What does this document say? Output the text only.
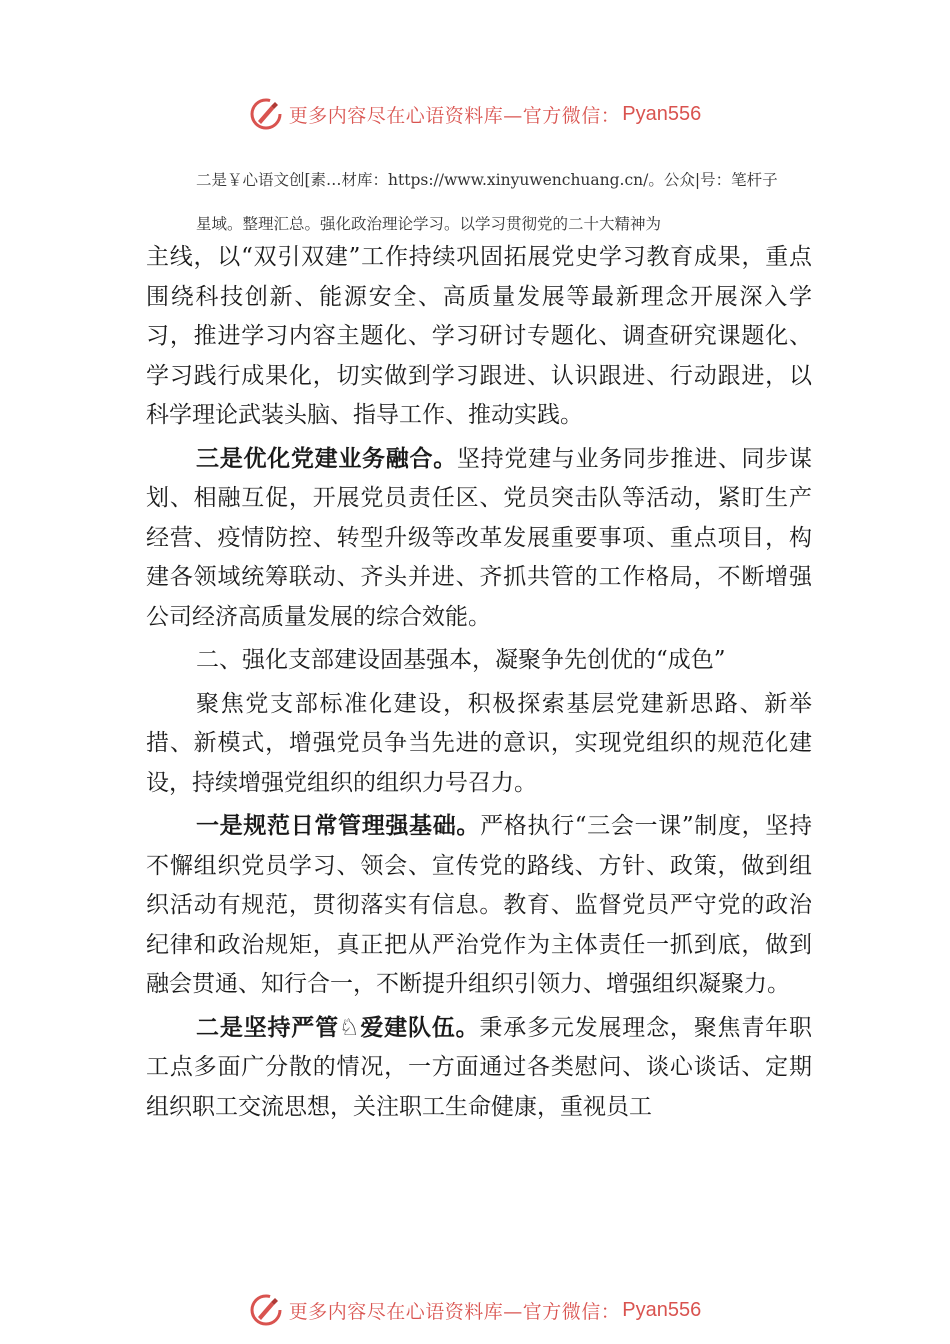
更多内容尽在心语资料库—官方微信： Pyan556
二是￥心语文创[素…材库：https://www.xinyuwenchuang.cn/。公众|号：笔杆子
星域。整理汇总。强化政治理论学习。以学习贯彻党的二十大精神为

主线，以“双引双建”工作持续巩固拓展党史学习教育成果，重点围绕科技创新、能源安全、高质量发展等最新理念开展深入学习，推进学习内容主题化、学习研讨专题化、调查研究课题化、学习践行成果化，切实做到学习跟进、认识跟进、行动跟进，以科学理论武装头脑、指导工作、推动实践。

三是优化党建业务融合。坚持党建与业务同步推进、同步谋划、相融互促，开展党员责任区、党员突击队等活动，紧盯生产经营、疫情防控、转型升级等改革发展重要事项、重点项目，构建各领域统筹联动、齐头并进、齐抓共管的工作格局，不断增强公司经济高质量发展的综合效能。

二、强化支部建设固基强本，凝聚争先创优的“成色”

聚焦党支部标准化建设，积极探索基层党建新思路、新举措、新模式，增强党员争当先进的意识，实现党组织的规范化建设，持续增强党组织的组织力号召力。

一是规范日常管理强基础。严格执行“三会一课”制度，坚持不懈组织党员学习、领会、宣传党的路线、方针、政策，做到组织活动有规范，贯彻落实有信息。教育、监督党员严守党的政治纪律和政治规矩，真正把从严治党作为主体责任一抓到底，做到融会贯通、知行合一，不断提升组织引领力、增强组织凝聚力。

二是坚持严管♘爱建队伍。秉承多元发展理念，聚焦青年职工点多面广分散的情况，一方面通过各类慰问、谈心谈话、定期组织职工交流思想，关注职工生命健康，重视员工

更多内容尽在心语资料库—官方微信： Pyan556
